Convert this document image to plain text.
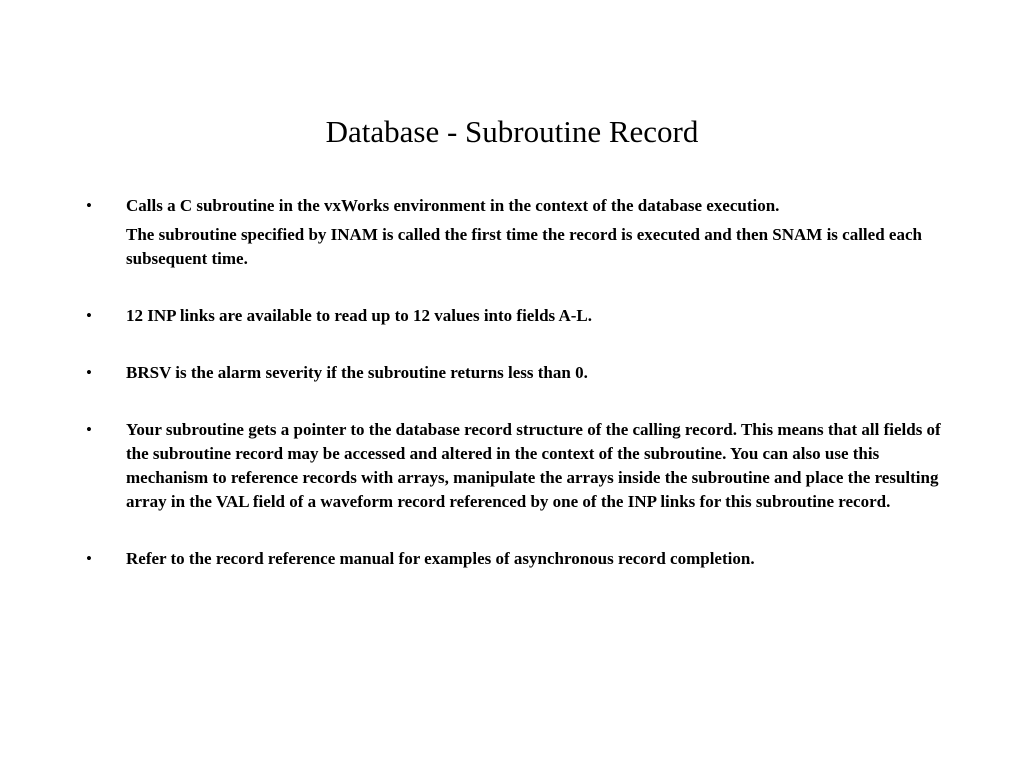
Database - Subroutine Record
• Calls a C subroutine in the vxWorks environment in the context of the database execution.

The subroutine specified by INAM is called the first time the record is executed and then SNAM is called each subsequent time.

• 12 INP links are available to read up to 12 values into fields A-L.

• BRSV is the alarm severity if the subroutine returns less than 0.

• Your subroutine gets a pointer to the database record structure of the calling record. This means that all fields of the subroutine record may be accessed and altered in the context of the subroutine. You can also use this mechanism to reference records with arrays, manipulate the arrays inside the subroutine and place the resulting array in the VAL field of a waveform record referenced by one of the INP links for this subroutine record.

• Refer to the record reference manual for examples of asynchronous record completion.
